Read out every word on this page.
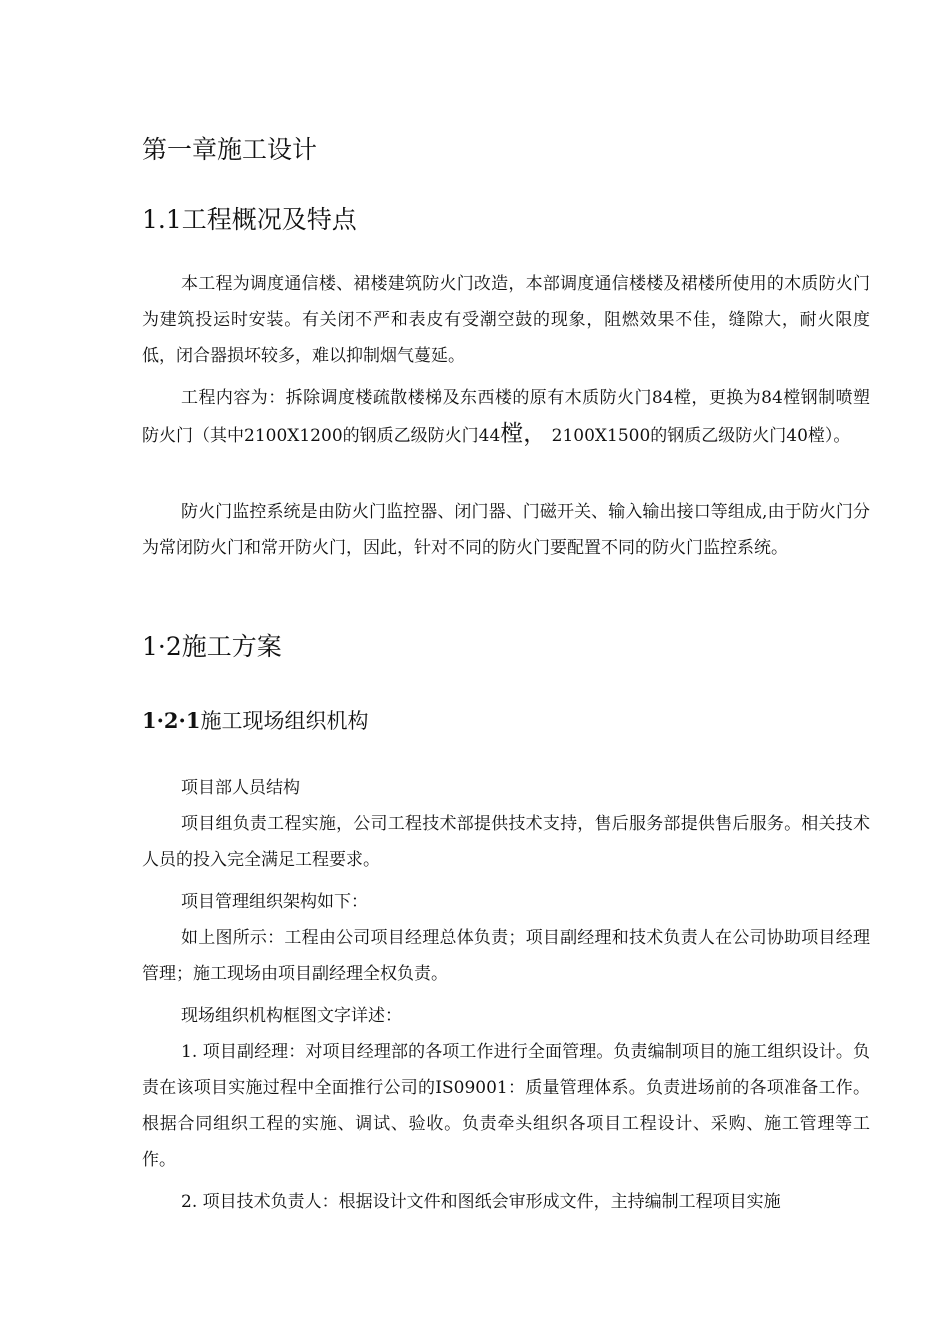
第一章施工设计
1.1工程概况及特点

本工程为调度通信楼、裙楼建筑防火门改造，本部调度通信楼楼及裙楼所使用的木质防火门为建筑投运时安装。有关闭不严和表皮有受潮空鼓的现象，阻燃效果不佳，缝隙大，耐火限度低，闭合器损坏较多，难以抑制烟气蔓延。

工程内容为：拆除调度楼疏散楼梯及东西楼的原有木质防火门84樘，更换为84樘钢制喷塑防火门（其中2100X1200的钢质乙级防火门44樘， 2100X1500的钢质乙级防火门40樘）。

防火门监控系统是由防火门监控器、闭门器、门磁开关、输入输出接口等组成,由于防火门分为常闭防火门和常开防火门，因此，针对不同的防火门要配置不同的防火门监控系统。

1·2施工方案
1·2·1施工现场组织机构

项目部人员结构

项目组负责工程实施，公司工程技术部提供技术支持，售后服务部提供售后服务。相关技术人员的投入完全满足工程要求。

项目管理组织架构如下：

如上图所示：工程由公司项目经理总体负责；项目副经理和技术负责人在公司协助项目经理管理；施工现场由项目副经理全权负责。

现场组织机构框图文字详述：

1. 项目副经理：对项目经理部的各项工作进行全面管理。负责编制项目的施工组织设计。负责在该项目实施过程中全面推行公司的IS09001：质量管理体系。负责进场前的各项准备工作。根据合同组织工程的实施、调试、验收。负责牵头组织各项目工程设计、采购、施工管理等工作。

2. 项目技术负责人：根据设计文件和图纸会审形成文件，主持编制工程项目实施
